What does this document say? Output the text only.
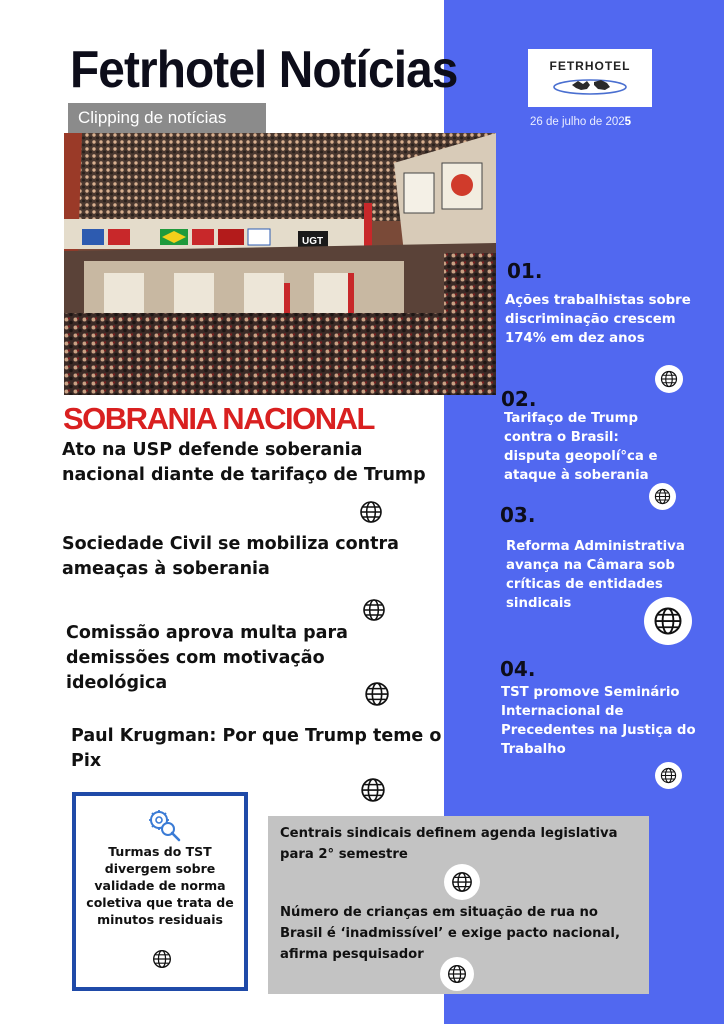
Fetrhotel Notícias
Clipping de notícias
FETRHOTEL
26 de julho de 2025
UGT
SOBRANIA NACIONAL
Ato na USP defende soberania nacional diante de tarifaço de Trump
Sociedade Civil se mobiliza contra ameaças à soberania
Comissão aprova multa para demissões com motivação ideológica
Paul Krugman: Por que Trump teme o Pix
01.
Ações trabalhistas sobre discriminação crescem 174% em dez anos
02.
Tarifaço de Trump contra o Brasil: disputa geopolí°ca e ataque à soberania
03.
Reforma Administrativa avança na Câmara sob críticas de entidades sindicais
04.
TST promove Seminário Internacional de Precedentes na Justiça do Trabalho
Turmas do TST divergem sobre validade de norma coletiva que trata de minutos residuais
Centrais sindicais definem agenda legislativa para 2° semestre
Número de crianças em situação de rua no Brasil é ‘inadmissível’ e exige pacto nacional, afirma pesquisador
